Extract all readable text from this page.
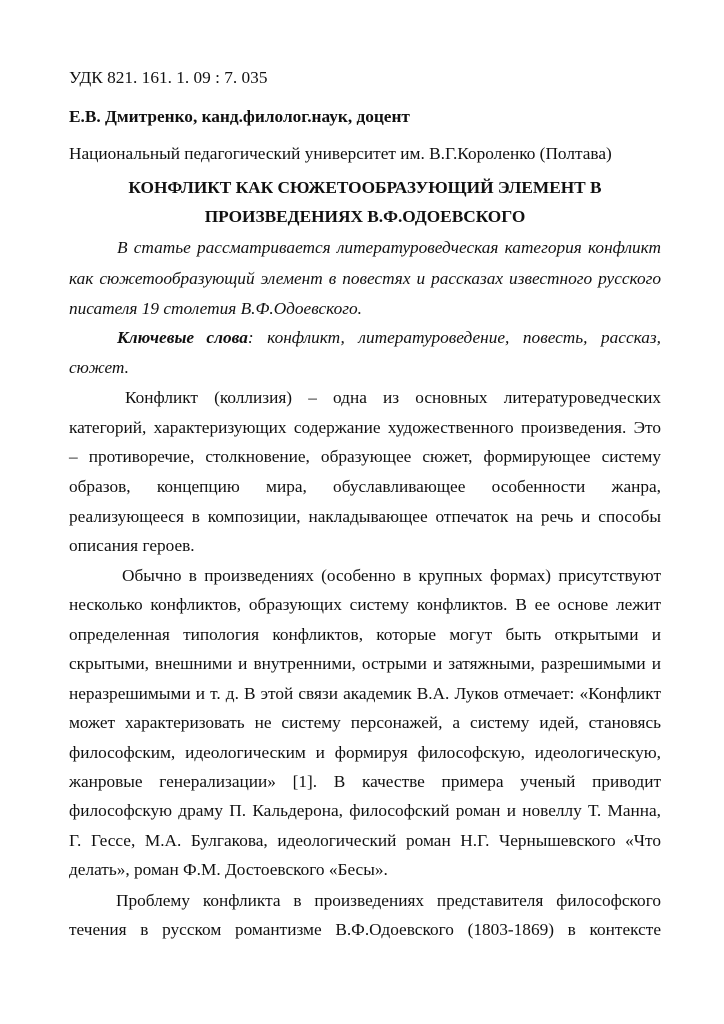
УДК 821. 161. 1. 09 : 7. 035
Е.В. Дмитренко, канд.филолог.наук, доцент
Национальный педагогический университет им. В.Г.Короленко (Полтава)
КОНФЛИКТ КАК СЮЖЕТООБРАЗУЮЩИЙ ЭЛЕМЕНТ В
ПРОИЗВЕДЕНИЯХ В.Ф.ОДОЕВСКОГО
В статье рассматривается литературоведческая категория конфликт
как сюжетообразующий элемент в повестях и рассказах известного русского
писателя 19 столетия В.Ф.Одоевского.
Ключевые слова : конфликт, литературоведение, повесть, рассказ,
сюжет.
Конфликт (коллизия) – одна из основных литературоведческих
категорий, характеризующих содержание художественного произведения. Это
– противоречие, столкновение, образующее сюжет, формирующее систему
образов, концепцию мира, обуславливающее особенности жанра,
реализующееся в композиции, накладывающее отпечаток на речь и способы
описания героев.
Обычно в произведениях (особенно в крупных формах) присутствуют
несколько конфликтов, образующих систему конфликтов. В ее основе лежит
определенная типология конфликтов, которые могут быть открытыми и
скрытыми, внешними и внутренними, острыми и затяжными, разрешимыми и
неразрешимыми и т. д. В этой связи академик В.А. Луков отмечает: «Конфликт
может характеризовать не систему персонажей, а систему идей, становясь
философским, идеологическим и формируя философскую, идеологическую,
жанровые генерализации» [1]. В качестве примера ученый приводит
философскую драму П. Кальдерона, философский роман и новеллу Т. Манна,
Г. Гессе, М.А. Булгакова, идеологический роман Н.Г. Чернышевского «Что
делать», роман Ф.М. Достоевского «Бесы».
Проблему конфликта в произведениях представителя философского
течения в русском романтизме В.Ф.Одоевского (1803-1869) в контексте
